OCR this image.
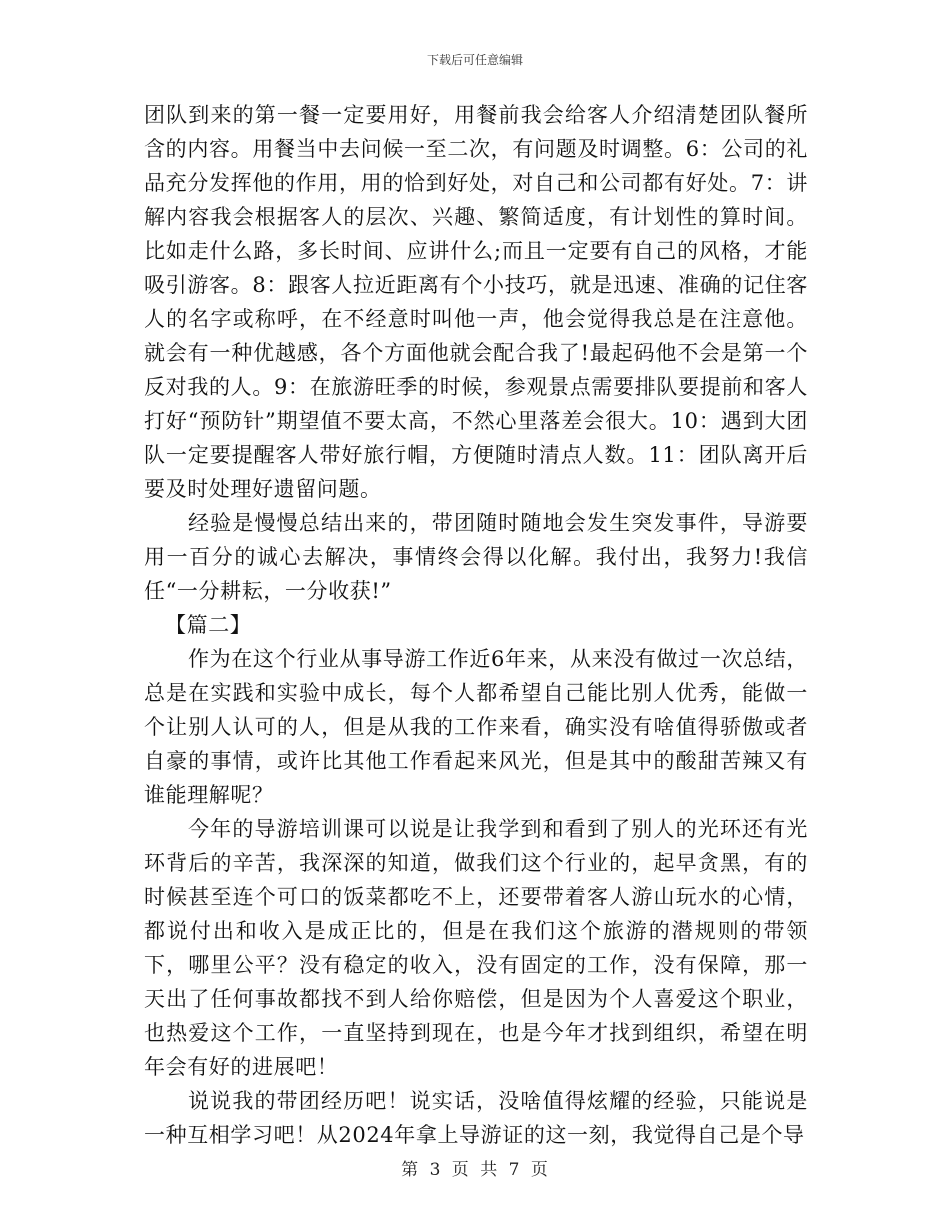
下载后可任意编辑

团队到来的第一餐一定要用好，用餐前我会给客人介绍清楚团队餐所含的内容。用餐当中去问候一至二次，有问题及时调整。6：公司的礼品充分发挥他的作用，用的恰到好处，对自己和公司都有好处。7：讲解内容我会根据客人的层次、兴趣、繁简适度，有计划性的算时间。比如走什么路，多长时间、应讲什么;而且一定要有自己的风格，才能吸引游客。8：跟客人拉近距离有个小技巧，就是迅速、准确的记住客人的名字或称呼，在不经意时叫他一声，他会觉得我总是在注意他。就会有一种优越感，各个方面他就会配合我了!最起码他不会是第一个反对我的人。9：在旅游旺季的时候，参观景点需要排队要提前和客人打好“预防针”期望值不要太高，不然心里落差会很大。10：遇到大团队一定要提醒客人带好旅行帽，方便随时清点人数。11：团队离开后要及时处理好遗留问题。

经验是慢慢总结出来的，带团随时随地会发生突发事件，导游要用一百分的诚心去解决，事情终会得以化解。我付出，我努力!我信任“一分耕耘，一分收获!”

【篇二】

作为在这个行业从事导游工作近6年来，从来没有做过一次总结，总是在实践和实验中成长，每个人都希望自己能比别人优秀，能做一个让别人认可的人，但是从我的工作来看，确实没有啥值得骄傲或者自豪的事情，或许比其他工作看起来风光，但是其中的酸甜苦辣又有谁能理解呢？

今年的导游培训课可以说是让我学到和看到了别人的光环还有光环背后的辛苦，我深深的知道，做我们这个行业的，起早贪黑，有的时候甚至连个可口的饭菜都吃不上，还要带着客人游山玩水的心情，都说付出和收入是成正比的，但是在我们这个旅游的潜规则的带领下，哪里公平？没有稳定的收入，没有固定的工作，没有保障，那一天出了任何事故都找不到人给你赔偿，但是因为个人喜爱这个职业，也热爱这个工作，一直坚持到现在，也是今年才找到组织，希望在明年会有好的进展吧！

说说我的带团经历吧！说实话，没啥值得炫耀的经验，只能说是一种互相学习吧！从2024年拿上导游证的这一刻，我觉得自己是个导

第 3 页 共 7 页
